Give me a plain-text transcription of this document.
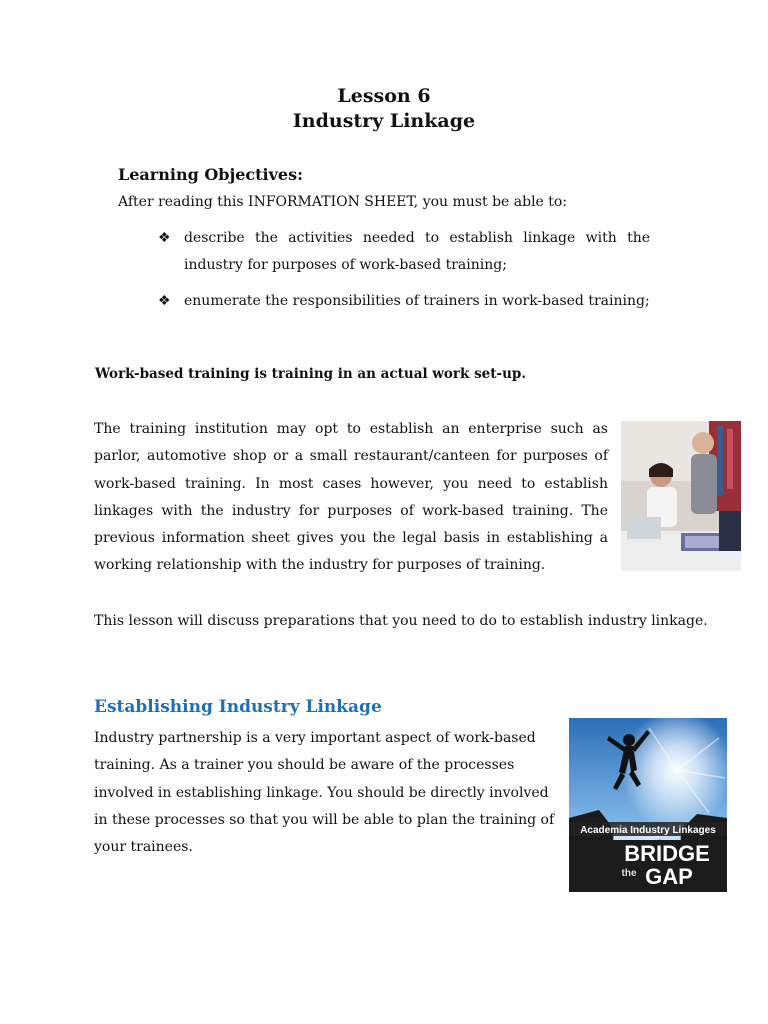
Lesson 6
Industry Linkage
Learning Objectives:
After reading this INFORMATION SHEET, you must be able to:
❖ describe the activities needed to establish linkage with the industry for purposes of work-based training;
❖ enumerate the responsibilities of trainers in work-based training;
Work-based training is training in an actual work set-up.
The training institution may opt to establish an enterprise such as parlor, automotive shop or a small restaurant/canteen for purposes of work-based training. In most cases however, you need to establish linkages with the industry for purposes of work-based training. The previous information sheet gives you the legal basis in establishing a working relationship with the industry for purposes of training.
This lesson will discuss preparations that you need to do to establish industry linkage.
Establishing Industry Linkage
Industry partnership is a very important aspect of work-based training. As a trainer you should be aware of the processes involved in establishing linkage. You should be directly involved in these processes so that you will be able to plan the training of your trainees.
Academia Industry Linkages
BRIDGE
the GAP
